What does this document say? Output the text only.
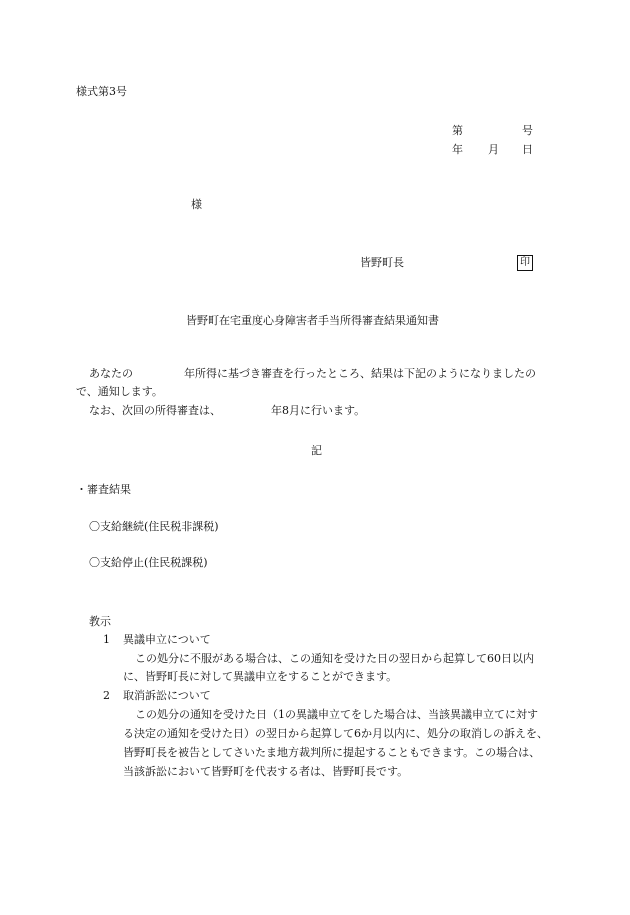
様式第3号
第	号
年 月 日
様
皆野町長	印
皆野町在宅重度心身障害者手当所得審査結果通知書
あなたの	年所得に基づき審査を行ったところ、結果は下記のようになりましたの
で、通知します。
なお、次回の所得審査は、	年8月に行います。
記
・審査結果
〇支給継続(住民税非課税)
〇支給停止(住民税課税)
教示
1 異議申立について
この処分に不服がある場合は、この通知を受けた日の翌日から起算して60日以内
に、皆野町長に対して異議申立をすることができます。
2 取消訴訟について
この処分の通知を受けた日（1の異議申立てをした場合は、当該異議申立てに対す
る決定の通知を受けた日）の翌日から起算して6か月以内に、処分の取消しの訴えを、
皆野町長を被告としてさいたま地方裁判所に提起することもできます。この場合は、
当該訴訟において皆野町を代表する者は、皆野町長です。
